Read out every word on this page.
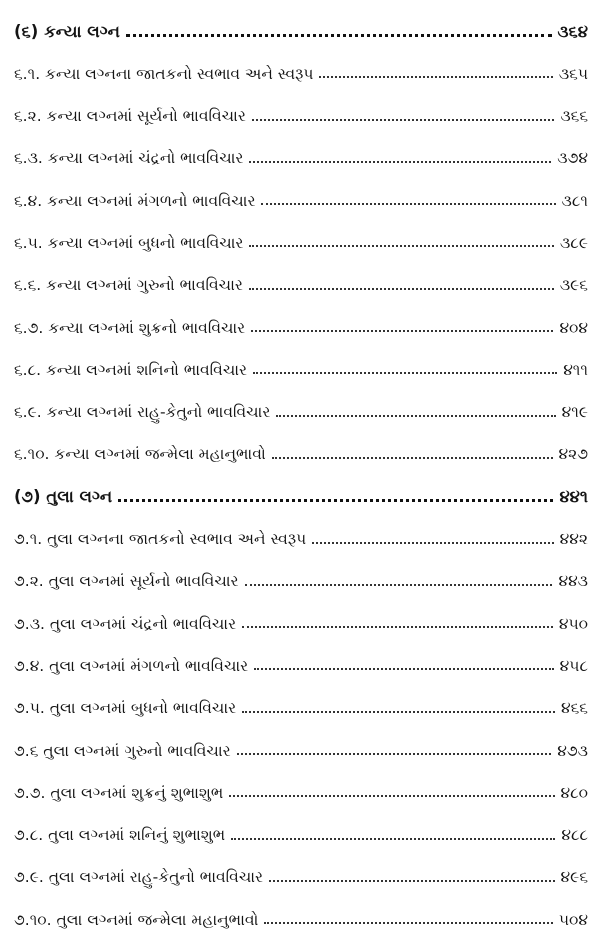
(૬) કન્યા લગ્ન	૩૬૪
૬.૧. કન્યા લગ્નના જાતકનો સ્વભાવ અને સ્વરૂપ	૩૬૫
૬.૨. કન્યા લગ્નમાં સૂર્યનો ભાવવિચાર	૩૬૬
૬.૩. કન્યા લગ્નમાં ચંદ્રનો ભાવવિચાર	૩૭૪
૬.૪. કન્યા લગ્નમાં મંગળનો ભાવવિચાર	૩૮૧
૬.૫. કન્યા લગ્નમાં બુધનો ભાવવિચાર	૩૮૯
૬.૬. કન્યા લગ્નમાં ગુરુનો ભાવવિચાર	૩૯૬
૬.૭. કન્યા લગ્નમાં શુક્રનો ભાવવિચાર	૪૦૪
૬.૮. કન્યા લગ્નમાં શનિનો ભાવવિચાર	૪૧૧
૬.૯. કન્યા લગ્નમાં રાહુ-કેતુનો ભાવવિચાર	૪૧૯
૬.૧૦. કન્યા લગ્નમાં જન્મેલા મહાનુભાવો	૪૨૭
(૭) તુલા લગ્ન	૪૪૧
૭.૧. તુલા લગ્નના જાતકનો સ્વભાવ અને સ્વરૂપ	૪૪૨
૭.૨. તુલા લગ્નમાં સૂર્યનો ભાવવિચાર	૪૪૩
૭.૩. તુલા લગ્નમાં ચંદ્રનો ભાવવિચાર	૪૫૦
૭.૪. તુલા લગ્નમાં મંગળનો ભાવવિચાર	૪૫૮
૭.૫. તુલા લગ્નમાં બુધનો ભાવવિચાર	૪૬૬
૭.૬ તુલા લગ્નમાં ગુરુનો ભાવવિચાર	૪૭૩
૭.૭. તુલા લગ્નમાં શુક્રનું શુભાશુભ	૪૮૦
૭.૮. તુલા લગ્નમાં શનિનું શુભાશુભ	૪૮૮
૭.૯. તુલા લગ્નમાં રાહુ-કેતુનો ભાવવિચાર	૪૯૬
૭.૧૦. તુલા લગ્નમાં જન્મેલા મહાનુભાવો	૫૦૪
